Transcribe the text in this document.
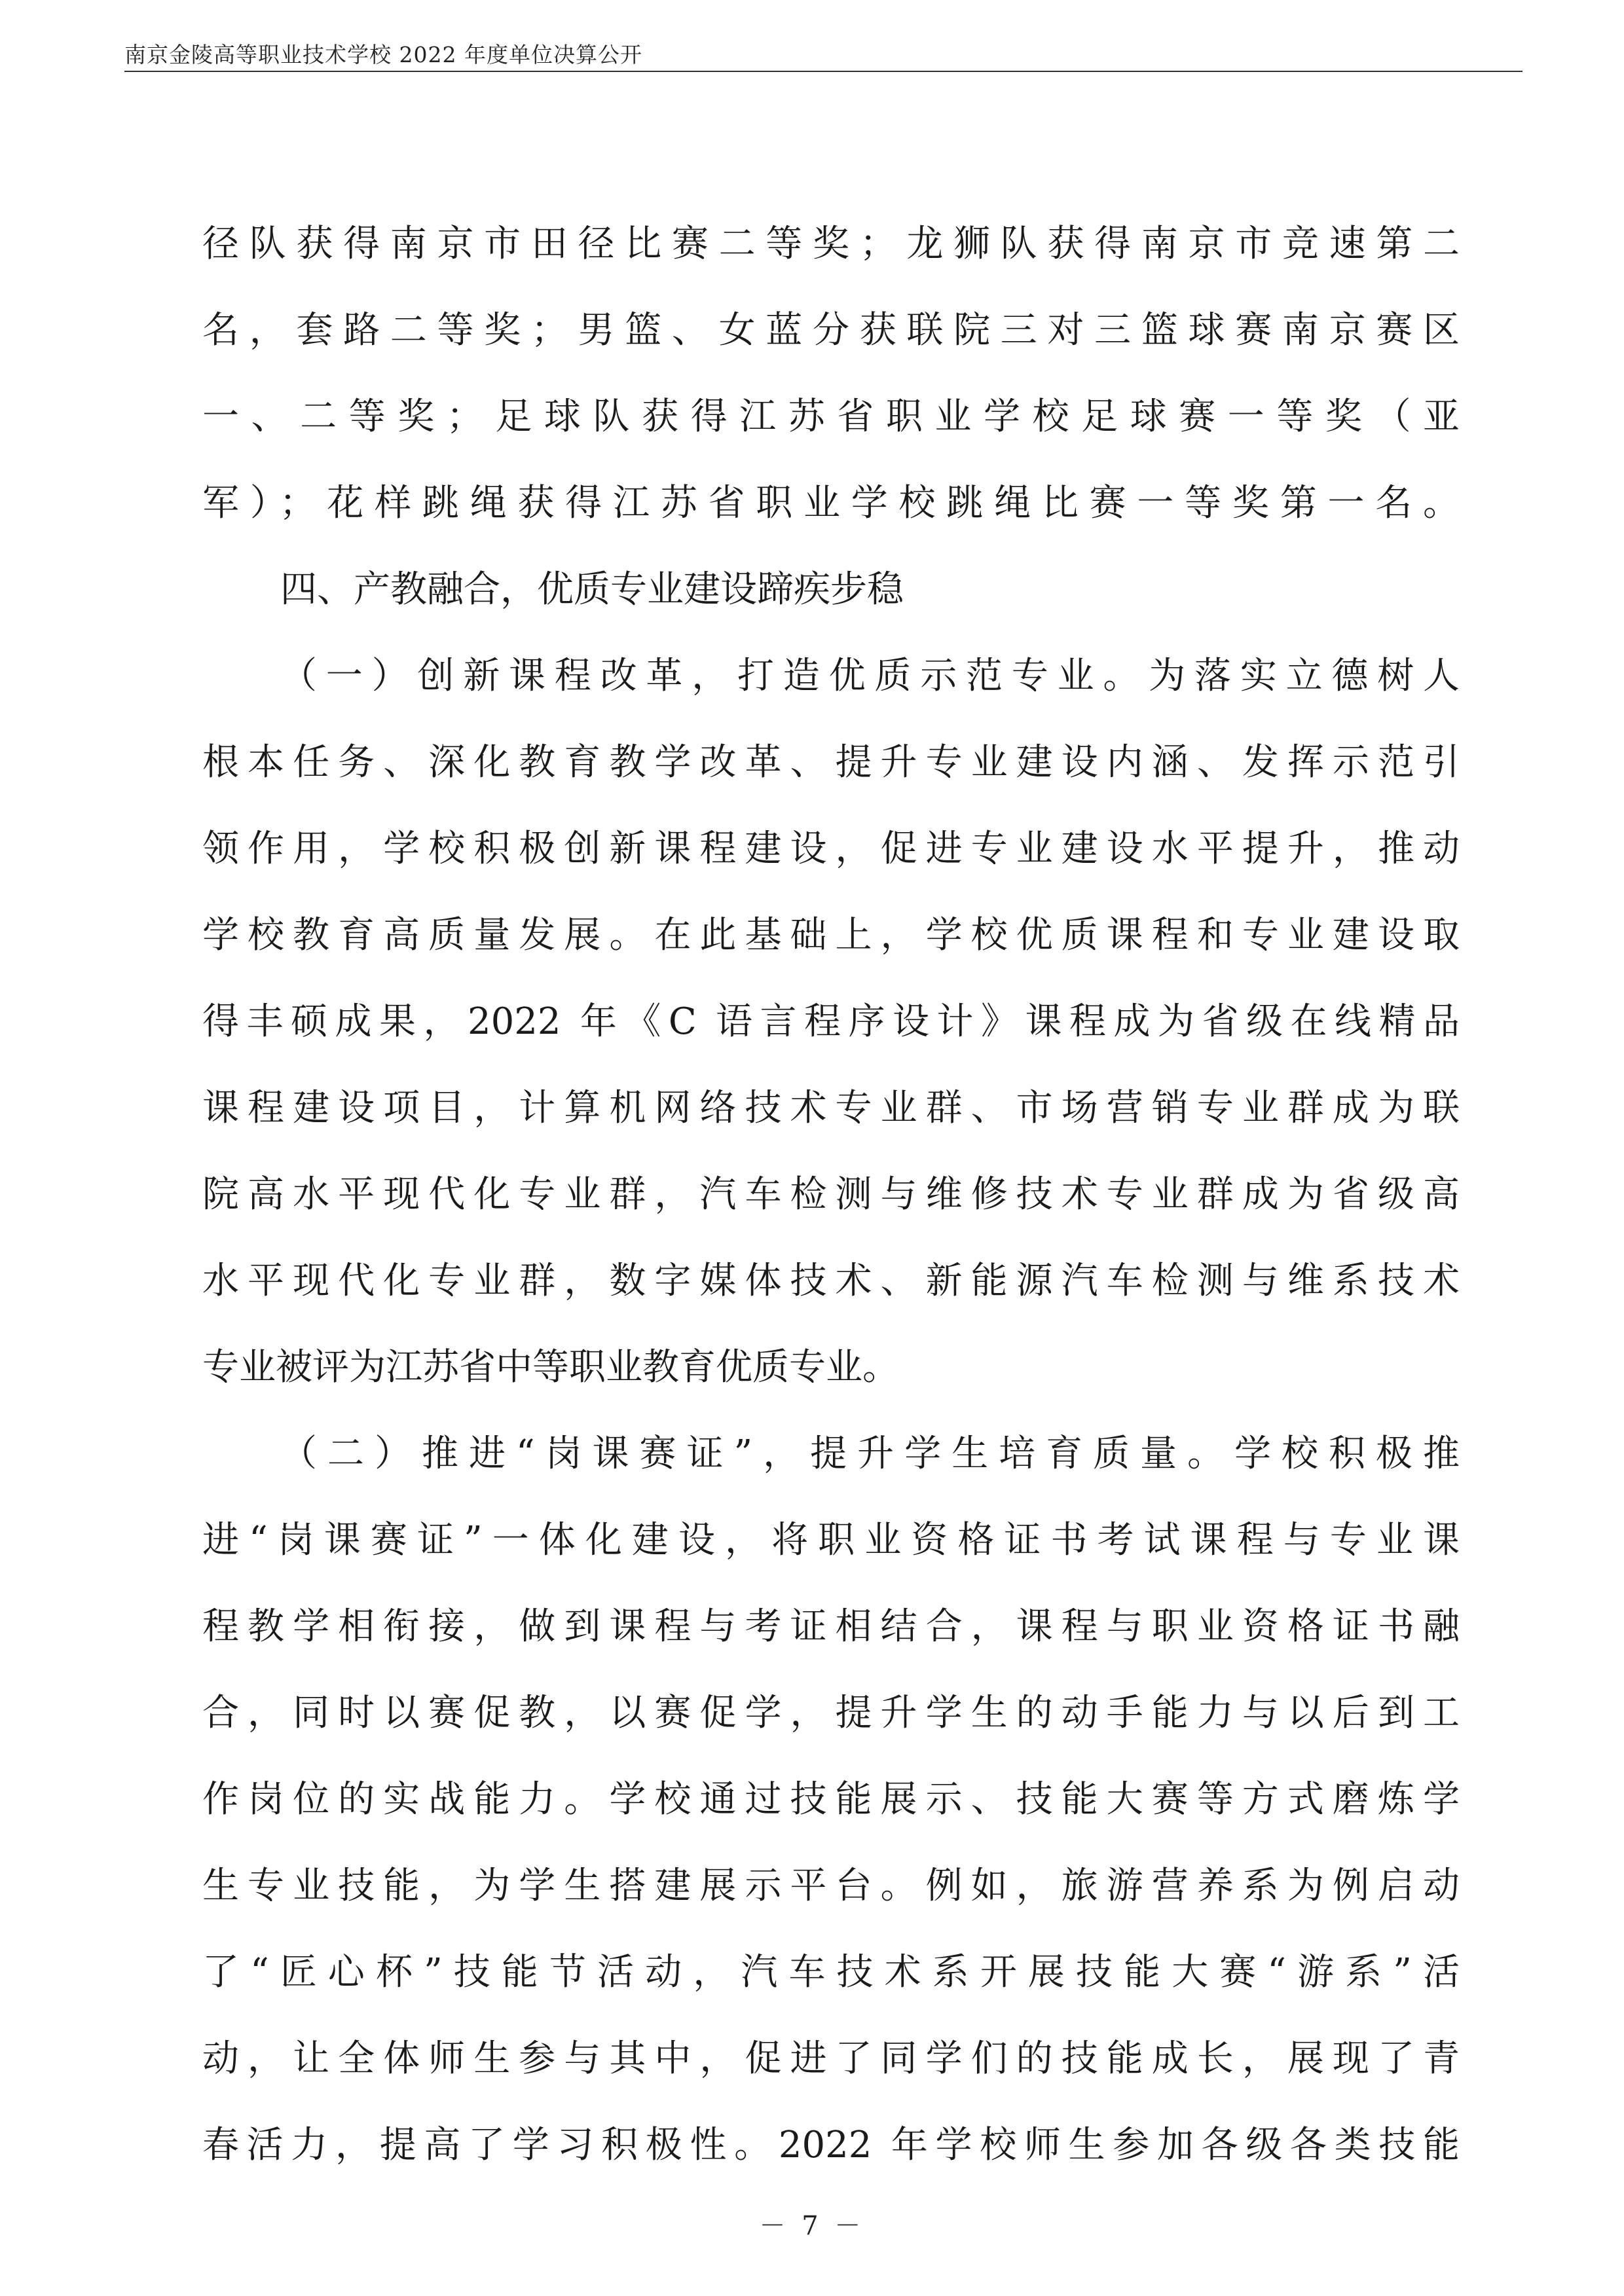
南京金陵高等职业技术学校 2022 年度单位决算公开
径队获得南京市田径比赛二等奖；龙狮队获得南京市竞速第二
名，套路二等奖；男篮、女蓝分获联院三对三篮球赛南京赛区
一、二等奖；足球队获得江苏省职业学校足球赛一等奖（亚
军）；花样跳绳获得江苏省职业学校跳绳比赛一等奖第一名。
四、产教融合，优质专业建设蹄疾步稳
（一）创新课程改革，打造优质示范专业。为落实立德树人
根本任务、深化教育教学改革、提升专业建设内涵、发挥示范引
领作用，学校积极创新课程建设，促进专业建设水平提升，推动
学校教育高质量发展。在此基础上，学校优质课程和专业建设取
得丰硕成果，2022 年《C 语言程序设计》课程成为省级在线精品
课程建设项目，计算机网络技术专业群、市场营销专业群成为联
院高水平现代化专业群，汽车检测与维修技术专业群成为省级高
水平现代化专业群，数字媒体技术、新能源汽车检测与维系技术
专业被评为江苏省中等职业教育优质专业。
（二）推进“岗课赛证”，提升学生培育质量。学校积极推
进“岗课赛证”一体化建设，将职业资格证书考试课程与专业课
程教学相衔接，做到课程与考证相结合，课程与职业资格证书融
合，同时以赛促教，以赛促学，提升学生的动手能力与以后到工
作岗位的实战能力。学校通过技能展示、技能大赛等方式磨炼学
生专业技能，为学生搭建展示平台。例如，旅游营养系为例启动
了“匠心杯”技能节活动，汽车技术系开展技能大赛“游系”活
动，让全体师生参与其中，促进了同学们的技能成长，展现了青
春活力，提高了学习积极性。2022 年学校师生参加各级各类技能
－ 7 －
